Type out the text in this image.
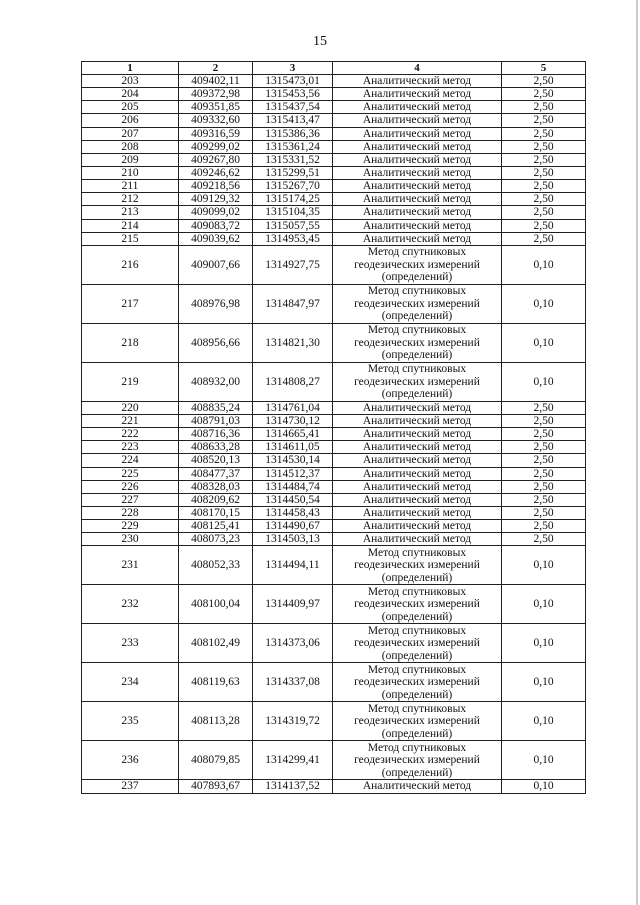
15
1	2	3	4	5
203	409402,11	1315473,01	Аналитический метод	2,50
204	409372,98	1315453,56	Аналитический метод	2,50
205	409351,85	1315437,54	Аналитический метод	2,50
206	409332,60	1315413,47	Аналитический метод	2,50
207	409316,59	1315386,36	Аналитический метод	2,50
208	409299,02	1315361,24	Аналитический метод	2,50
209	409267,80	1315331,52	Аналитический метод	2,50
210	409246,62	1315299,51	Аналитический метод	2,50
211	409218,56	1315267,70	Аналитический метод	2,50
212	409129,32	1315174,25	Аналитический метод	2,50
213	409099,02	1315104,35	Аналитический метод	2,50
214	409083,72	1315057,55	Аналитический метод	2,50
215	409039,62	1314953,45	Аналитический метод	2,50
216	409007,66	1314927,75	Метод спутниковых геодезических измерений (определений)	0,10
217	408976,98	1314847,97	Метод спутниковых геодезических измерений (определений)	0,10
218	408956,66	1314821,30	Метод спутниковых геодезических измерений (определений)	0,10
219	408932,00	1314808,27	Метод спутниковых геодезических измерений (определений)	0,10
220	408835,24	1314761,04	Аналитический метод	2,50
221	408791,03	1314730,12	Аналитический метод	2,50
222	408716,36	1314665,41	Аналитический метод	2,50
223	408633,28	1314611,05	Аналитический метод	2,50
224	408520,13	1314530,14	Аналитический метод	2,50
225	408477,37	1314512,37	Аналитический метод	2,50
226	408328,03	1314484,74	Аналитический метод	2,50
227	408209,62	1314450,54	Аналитический метод	2,50
228	408170,15	1314458,43	Аналитический метод	2,50
229	408125,41	1314490,67	Аналитический метод	2,50
230	408073,23	1314503,13	Аналитический метод	2,50
231	408052,33	1314494,11	Метод спутниковых геодезических измерений (определений)	0,10
232	408100,04	1314409,97	Метод спутниковых геодезических измерений (определений)	0,10
233	408102,49	1314373,06	Метод спутниковых геодезических измерений (определений)	0,10
234	408119,63	1314337,08	Метод спутниковых геодезических измерений (определений)	0,10
235	408113,28	1314319,72	Метод спутниковых геодезических измерений (определений)	0,10
236	408079,85	1314299,41	Метод спутниковых геодезических измерений (определений)	0,10
237	407893,67	1314137,52	Аналитический метод	0,10
